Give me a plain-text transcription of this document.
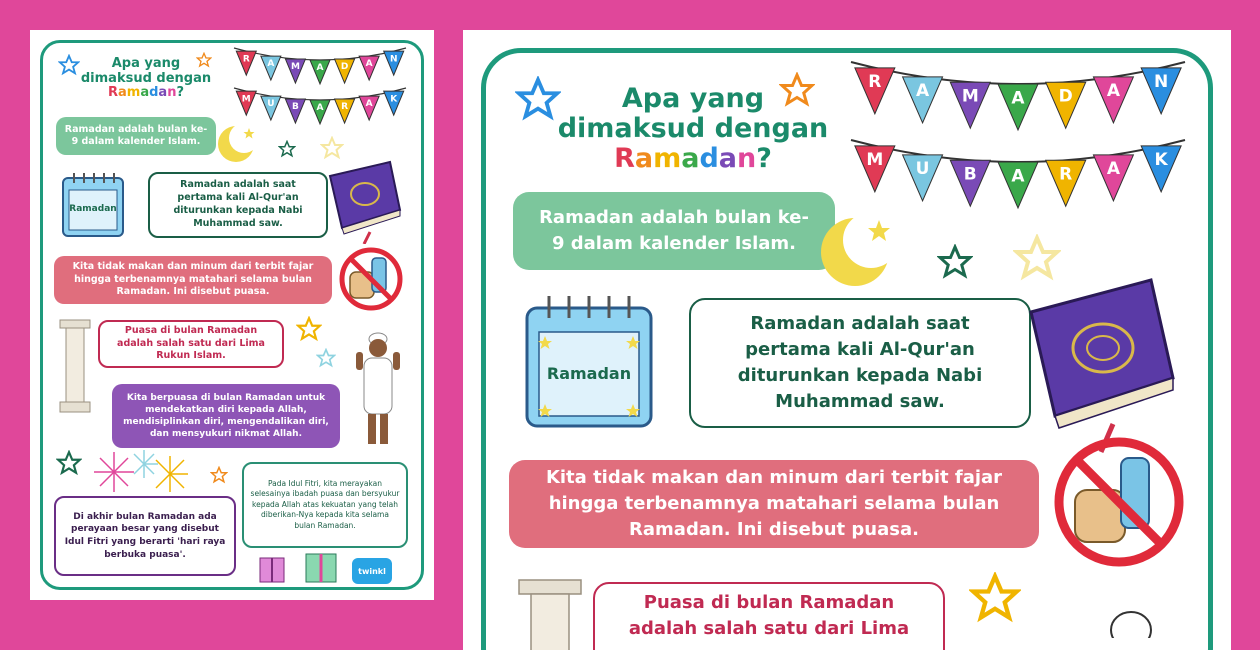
Apa yang
dimaksud dengan
Ramadan?
R A M A D A N
M U B A R A K
Ramadan adalah bulan ke-9 dalam kalender Islam.
Ramadan
Ramadan adalah saat pertama kali Al-Qur'an diturunkan kepada Nabi Muhammad saw.
Kita tidak makan dan minum dari terbit fajar hingga terbenamnya matahari selama bulan Ramadan. Ini disebut puasa.
Puasa di bulan Ramadan adalah salah satu dari Lima Rukun Islam.
Kita berpuasa di bulan Ramadan untuk mendekatkan diri kepada Allah, mendisiplinkan diri, mengendalikan diri, dan mensyukuri nikmat Allah.
Pada Idul Fitri, kita merayakan selesainya ibadah puasa dan bersyukur kepada Allah atas kekuatan yang telah diberikan-Nya kepada kita selama bulan Ramadan.
Di akhir bulan Ramadan ada perayaan besar yang disebut Idul Fitri yang berarti 'hari raya berbuka puasa'.
twinkl
Apa yang
dimaksud dengan
Ramadan?
R A M A D A N
M U B A R A K
Ramadan adalah bulan ke-
9 dalam kalender Islam.
Ramadan
Ramadan adalah saat
pertama kali Al-Qur'an
diturunkan kepada Nabi
Muhammad saw.
Kita tidak makan dan minum dari terbit fajar
hingga terbenamnya matahari selama bulan
Ramadan. Ini disebut puasa.
Puasa di bulan Ramadan
adalah salah satu dari Lima
